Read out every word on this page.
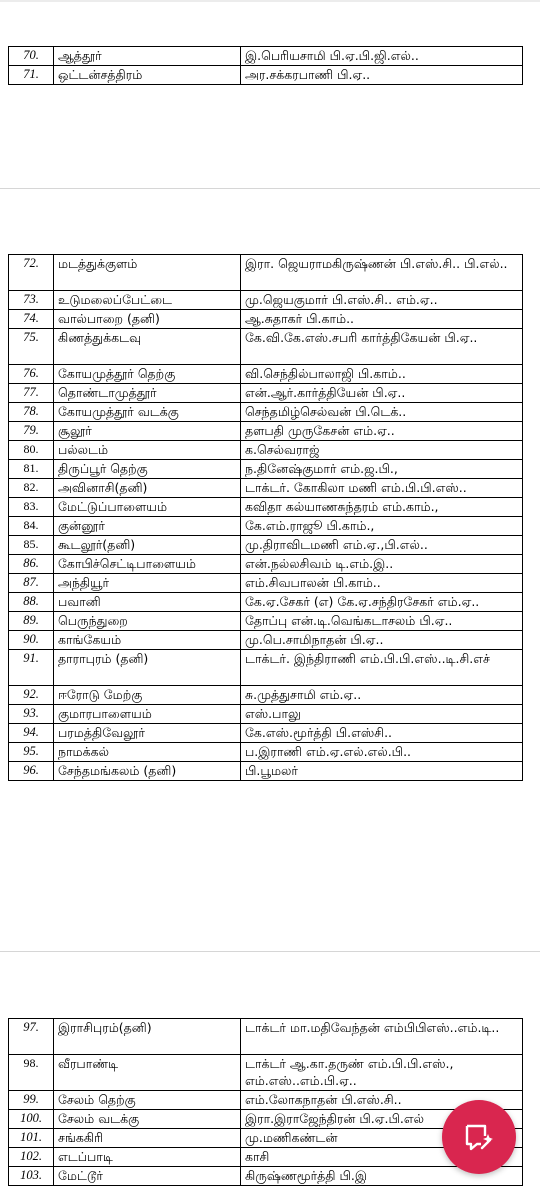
70.	ஆத்தூர்	இ.பெரியசாமி பி.ஏ.பி.ஜி.எல்..
71.	ஒட்டன்சத்திரம்	அர.சக்கரபாணி பி.ஏ..
72.	மடத்துக்குளம்	இரா. ஜெயராமகிருஷ்ணன் பி.எஸ்.சி.. பி.எல்..
73.	உடுமலைப்பேட்டை	மு.ஜெயகுமார் பி.எஸ்.சி.. எம்.ஏ..
74.	வால்பாறை (தனி)	ஆ.சுதாகர் பி.காம்..
75.	கிணத்துக்கடவு	கே.வி.கே.எஸ்.சபரி கார்த்திகேயன் பி.ஏ..
76.	கோயமுத்தூர் தெற்கு	வி.செந்தில்பாலாஜி பி.காம்..
77.	தொண்டாமுத்தூர்	என்.ஆர்.கார்த்தியேன் பி.ஏ..
78.	கோயமுத்தூர் வடக்கு	செந்தமிழ்செல்வன் பி.டெக்..
79.	சூலூர்	தளபதி முருகேசன் எம்.ஏ..
80.	பல்லடம்	க.செல்வராஜ்
81.	திருப்பூர் தெற்கு	ந.தினேஷ்குமார் எம்.ஜ.பி.,
82.	அவினாசி(தனி)	டாக்டர். கோகிலா மணி எம்.பி.பி.எஸ்..
83.	மேட்டுப்பாளையம்	கவிதா கல்யாணசுந்தரம் எம்.காம்.,
84.	குன்னூர்	கே.எம்.ராஜூ பி.காம்.,
85.	கூடலூர்(தனி)	மு.திராவிடமணி எம்.ஏ.,பி.எல்..
86.	கோபிச்செட்டிபாளையம்	என்.நல்லசிவம் டி.எம்.இ..
87.	அந்தியூர்	எம்.சிவபாலன் பி.காம்..
88.	பவானி	கே.ஏ.சேகர் (எ) கே.ஏ.சந்திரசேகர் எம்.ஏ..
89.	பெருந்துறை	தோப்பு என்.டி.வெங்கடாசலம் பி.ஏ..
90.	காங்கேயம்	மு.பெ.சாமிநாதன் பி.ஏ..
91.	தாராபுரம் (தனி)	டாக்டர். இந்திராணி எம்.பி.பி.எஸ்..டி.சி.எச்
92.	ஈரோடு மேற்கு	சு.முத்துசாமி எம்.ஏ..
93.	குமாரபாளையம்	எஸ்.பாலு
94.	பரமத்திவேலூர்	கே.எஸ்.மூர்த்தி பி.எஸ்சி..
95.	நாமக்கல்	ப.இராணி எம்.ஏ.எல்.எல்.பி..
96.	சேந்தமங்கலம் (தனி)	பி.பூமலர்
97.	இராசிபுரம்(தனி)	டாக்டர் மா.மதிவேந்தன் எம்பிபிஎஸ்..எம்.டி..
98.	வீரபாண்டி	டாக்டர் ஆ.கா.தருண் எம்.பி.பி.எஸ்., எம்.எஸ்..எம்.பி.ஏ..
99.	சேலம் தெற்கு	எம்.லோகநாதன் பி.எஸ்.சி..
100.	சேலம் வடக்கு	இரா.இராஜேந்திரன் பி.ஏ.பி.எல்
101.	சங்ககிரி	மு.மணிகண்டன்
102.	எடப்பாடி	காசி
103.	மேட்டூர்	கிருஷ்ணமூர்த்தி பி.இ
